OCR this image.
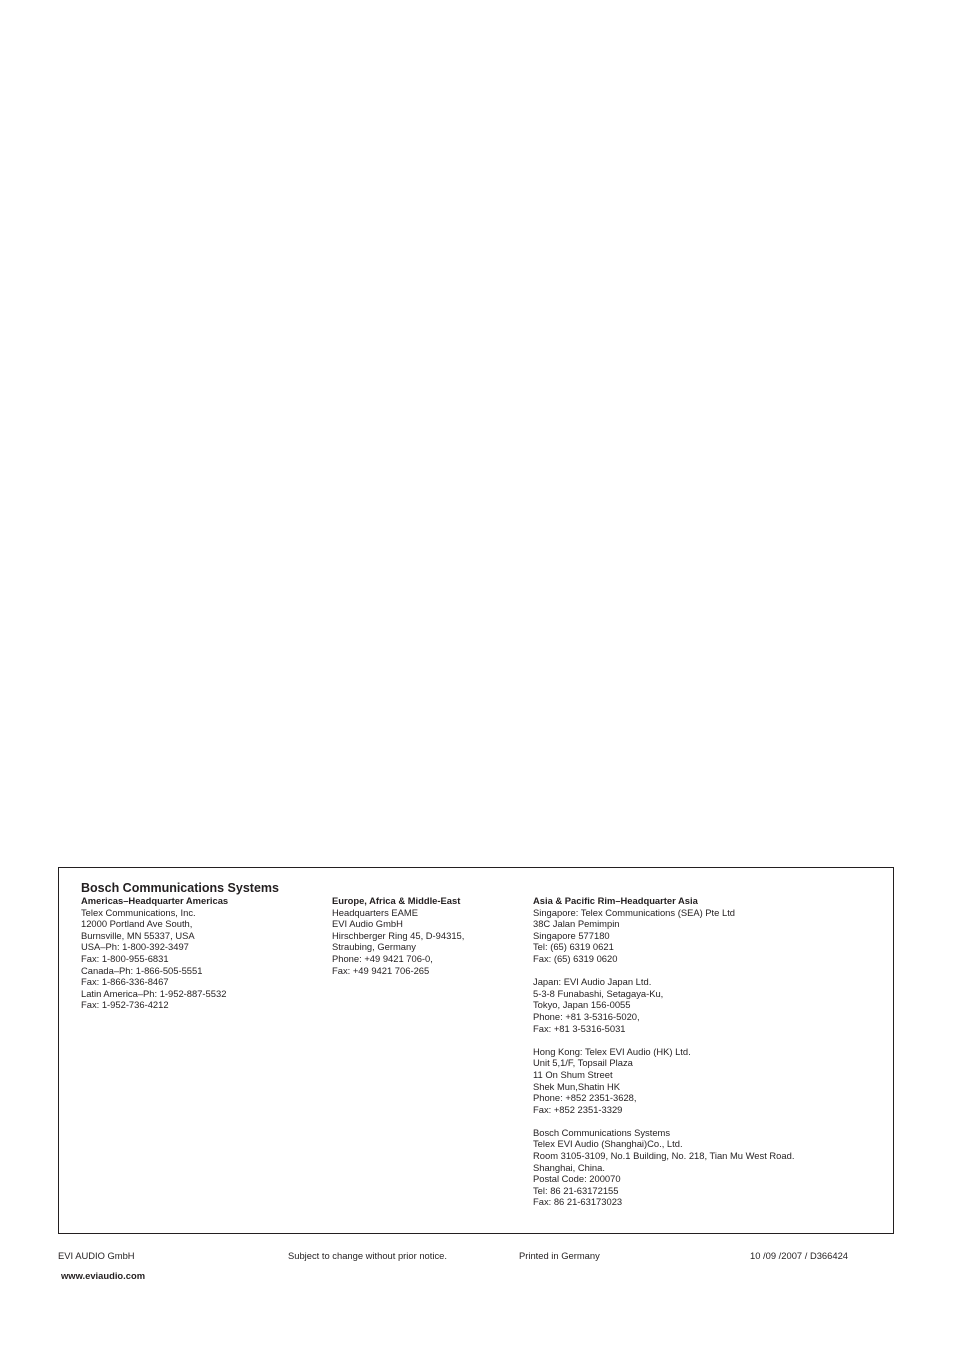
Bosch Communications Systems

Americas–Headquarter Americas
Telex Communications, Inc.
12000 Portland Ave South,
Burnsville, MN 55337, USA
USA–Ph: 1-800-392-3497
Fax: 1-800-955-6831
Canada–Ph: 1-866-505-5551
Fax: 1-866-336-8467
Latin America–Ph: 1-952-887-5532
Fax: 1-952-736-4212
Europe, Africa & Middle-East
Headquarters EAME
EVI Audio GmbH
Hirschberger Ring 45, D-94315,
Straubing, Germany
Phone: +49 9421 706-0,
Fax: +49 9421 706-265
Asia & Pacific Rim–Headquarter Asia
Singapore: Telex Communications (SEA) Pte Ltd
38C Jalan Pemimpin
Singapore 577180
Tel: (65) 6319 0621
Fax: (65) 6319 0620
Japan: EVI Audio Japan Ltd.
5-3-8 Funabashi, Setagaya-Ku,
Tokyo, Japan 156-0055
Phone: +81 3-5316-5020,
Fax: +81 3-5316-5031
Hong Kong: Telex EVI Audio (HK) Ltd.
Unit 5,1/F, Topsail Plaza
11 On Shum Street
Shek Mun,Shatin HK
Phone: +852 2351-3628,
Fax: +852 2351-3329
Bosch Communications Systems
Telex EVI Audio (Shanghai)Co., Ltd.
Room 3105-3109, No.1 Building, No. 218, Tian Mu West Road.
Shanghai, China.
Postal Code: 200070
Tel: 86 21-63172155
Fax: 86 21-63173023
EVI AUDIO GmbH	Subject to change without prior notice.	Printed in Germany	10 /09 /2007 / D366424
www.eviaudio.com
